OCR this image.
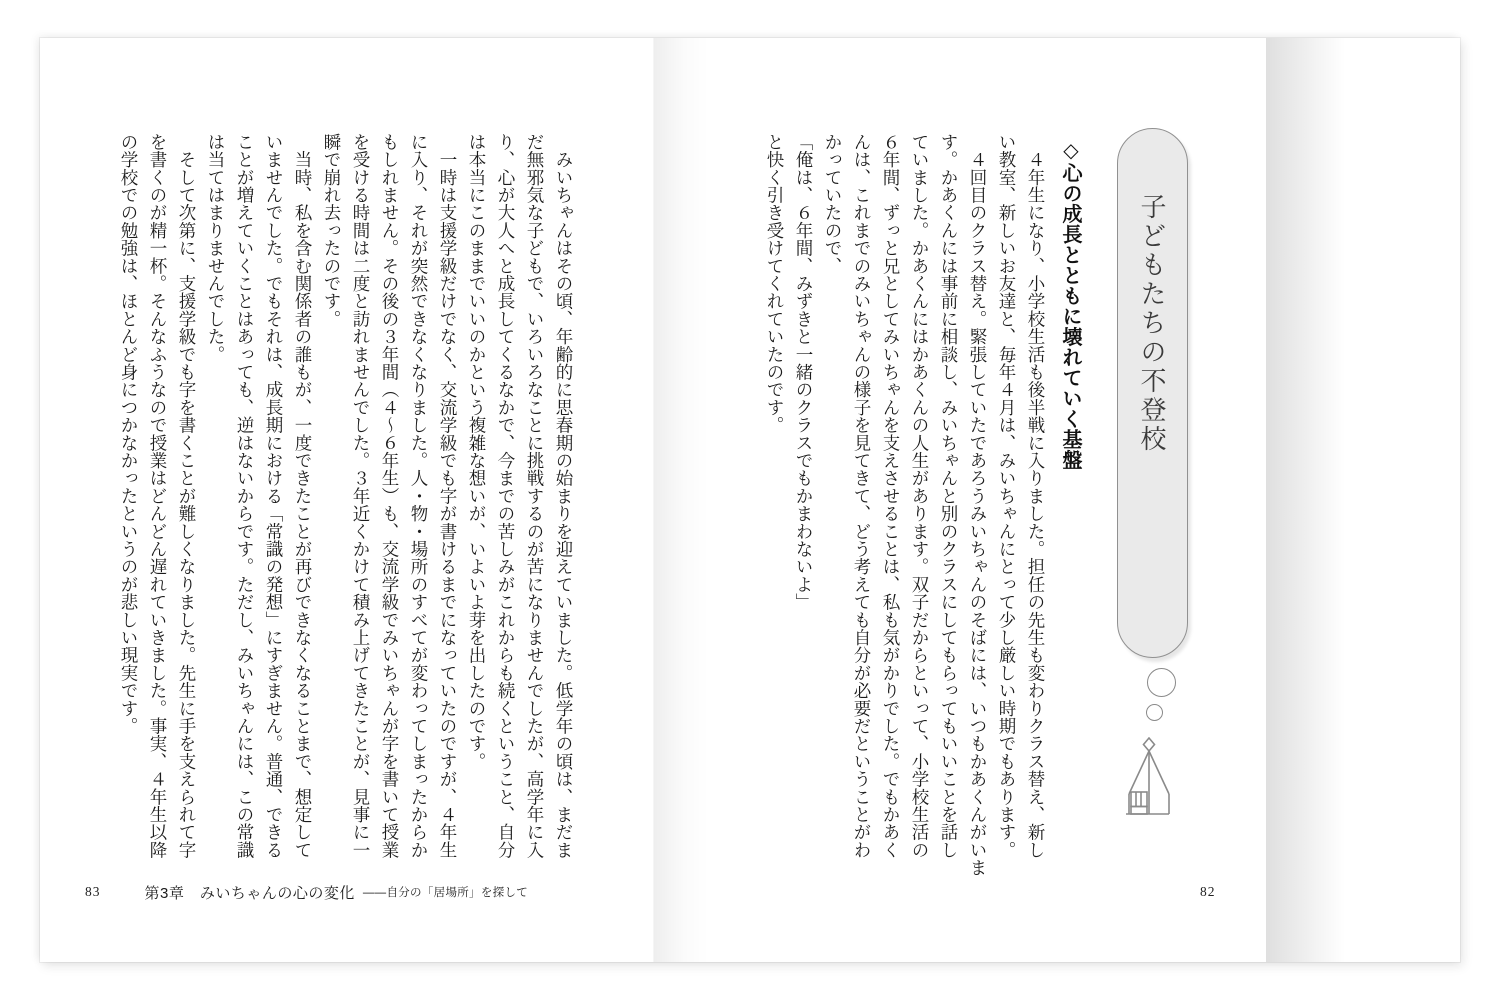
　みいちゃんはその頃、年齢的に思春期の始まりを迎えていました。低学年の頃は、まだま

だ無邪気な子どもで、いろいろなことに挑戦するのが苦になりませんでしたが、高学年に入

り、心が大人へと成長してくるなかで、今までの苦しみがこれからも続くということ、自分

は本当にこのままでいいのかという複雑な想いが、いよいよ芽を出したのです。

　一時は支援学級だけでなく、交流学級でも字が書けるまでになっていたのですが、４年生

に入り、それが突然できなくなりました。人・物・場所のすべてが変わってしまったからか

もしれません。その後の３年間（４〜６年生）も、交流学級でみいちゃんが字を書いて授業

を受ける時間は二度と訪れませんでした。３年近くかけて積み上げてきたことが、見事に一

瞬で崩れ去ったのです。

　当時、私を含む関係者の誰もが、一度できたことが再びできなくなることまで、想定して

いませんでした。でもそれは、成長期における「常識の発想」にすぎません。普通、できる

ことが増えていくことはあっても、逆はないからです。ただし、みいちゃんには、この常識

は当てはまりませんでした。

　そして次第に、支援学級でも字を書くことが難しくなりました。先生に手を支えられて字

を書くのが精一杯。そんなふうなので授業はどんどん遅れていきました。事実、４年生以降

の学校での勉強は、ほとんど身につかなかったというのが悲しい現実です。	　４年生になり、小学校生活も後半戦に入りました。担任の先生も変わりクラス替え、新し

い教室、新しいお友達と、毎年４月は、みいちゃんにとって少し厳しい時期でもあります。

　４回目のクラス替え。緊張していたであろうみいちゃんのそばには、いつもかあくんがいま

す。かあくんには事前に相談し、みいちゃんと別のクラスにしてもらってもいいことを話し

ていました。かあくんにはかあくんの人生があります。双子だからといって、小学校生活の

６年間、ずっと兄としてみいちゃんを支えさせることは、私も気がかりでした。でもかあく

んは、これまでのみいちゃんの様子を見てきて、どう考えても自分が必要だということがわ

かっていたので、

「俺は、６年間、みずきと一緒のクラスでもかまわないよ」

と快く引き受けてくれていたのです。	◇心の成長とともに壊れていく基盤 子どもたちの不登校
83	第3章　みいちゃんの心の変化 ――自分の「居場所」を探して	82
